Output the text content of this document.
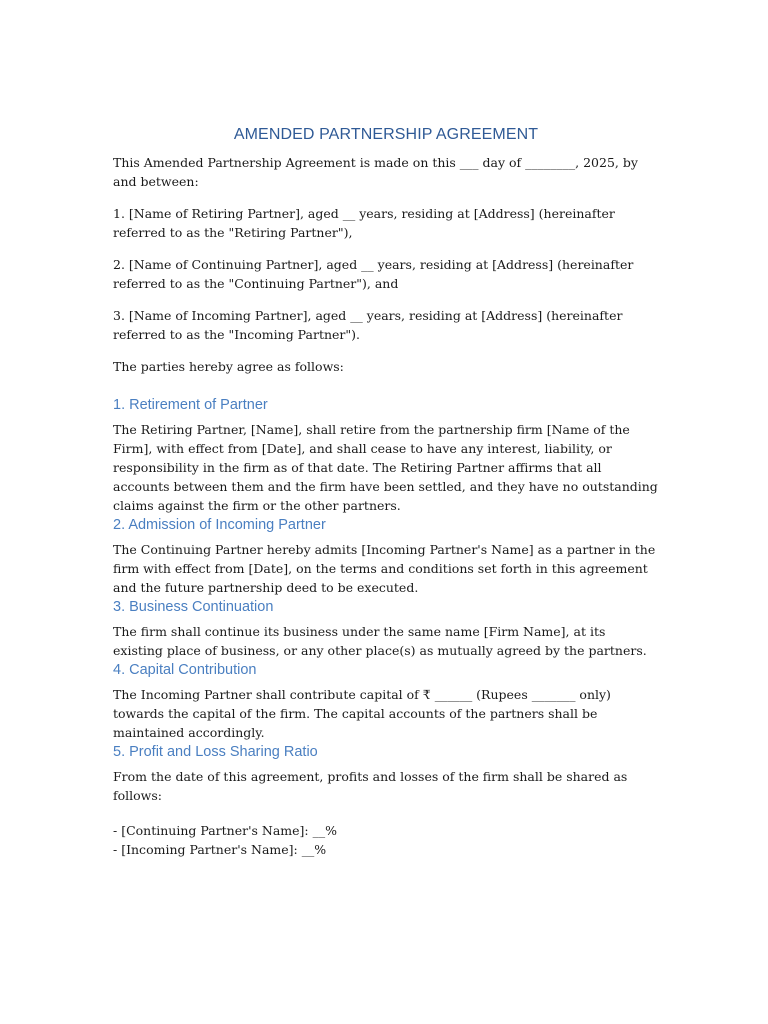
AMENDED PARTNERSHIP AGREEMENT

This Amended Partnership Agreement is made on this ___ day of ________, 2025, by and between:

1. [Name of Retiring Partner], aged __ years, residing at [Address] (hereinafter referred to as the "Retiring Partner"),

2. [Name of Continuing Partner], aged __ years, residing at [Address] (hereinafter referred to as the "Continuing Partner"), and

3. [Name of Incoming Partner], aged __ years, residing at [Address] (hereinafter referred to as the "Incoming Partner").

The parties hereby agree as follows:

1. Retirement of Partner

The Retiring Partner, [Name], shall retire from the partnership firm [Name of the Firm], with effect from [Date], and shall cease to have any interest, liability, or responsibility in the firm as of that date. The Retiring Partner affirms that all accounts between them and the firm have been settled, and they have no outstanding claims against the firm or the other partners.

2. Admission of Incoming Partner

The Continuing Partner hereby admits [Incoming Partner's Name] as a partner in the firm with effect from [Date], on the terms and conditions set forth in this agreement and the future partnership deed to be executed.

3. Business Continuation

The firm shall continue its business under the same name [Firm Name], at its existing place of business, or any other place(s) as mutually agreed by the partners.

4. Capital Contribution

The Incoming Partner shall contribute capital of ₹ ______ (Rupees _______ only) towards the capital of the firm. The capital accounts of the partners shall be maintained accordingly.

5. Profit and Loss Sharing Ratio

From the date of this agreement, profits and losses of the firm shall be shared as follows:

- [Continuing Partner's Name]: __%
- [Incoming Partner's Name]: __%
